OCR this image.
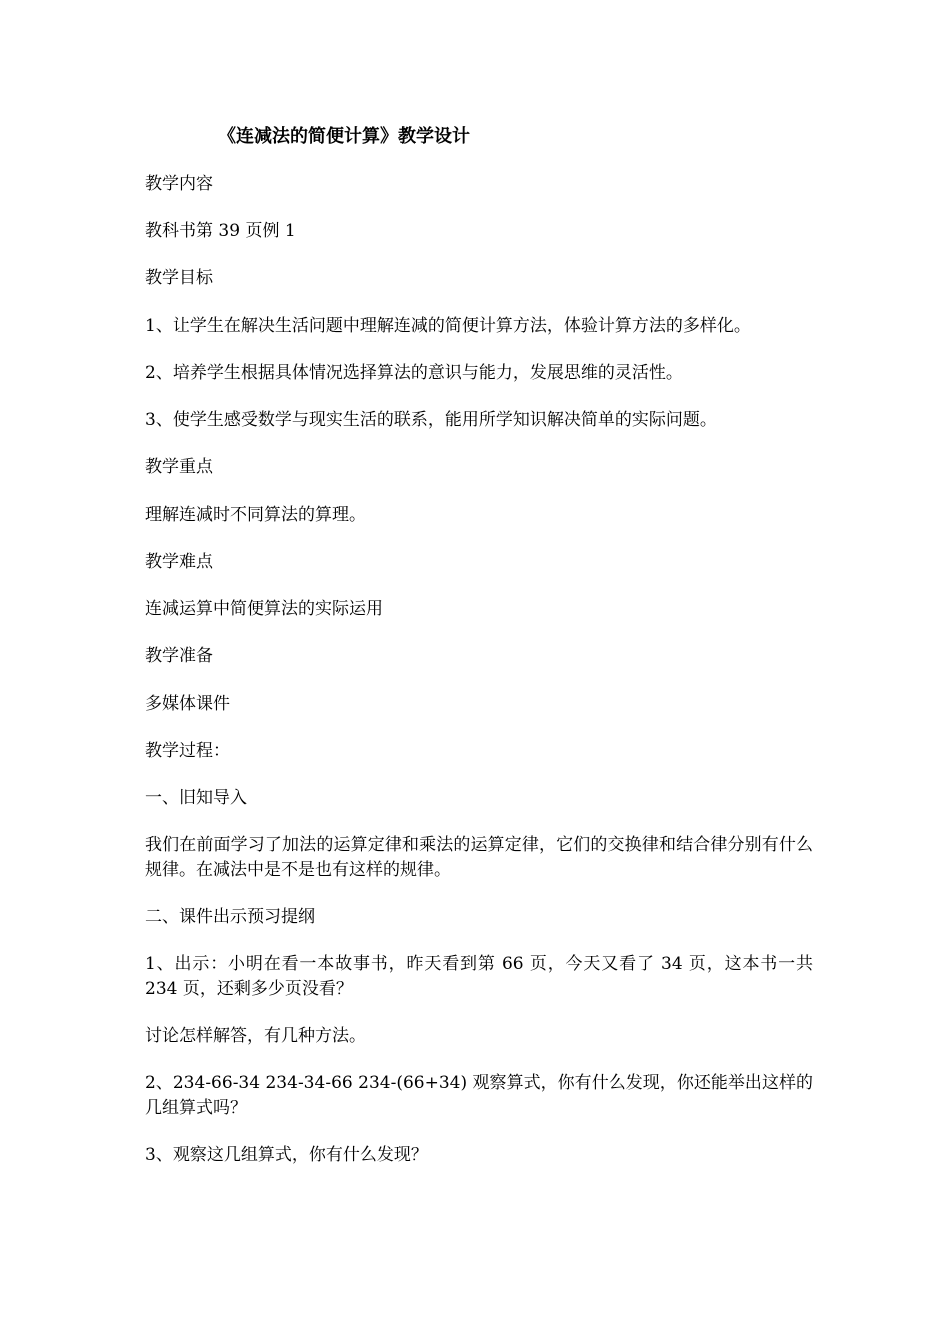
《连减法的简便计算》教学设计
教学内容
教科书第 39 页例 1
教学目标
1、让学生在解决生活问题中理解连减的简便计算方法，体验计算方法的多样化。
2、培养学生根据具体情况选择算法的意识与能力，发展思维的灵活性。
3、使学生感受数学与现实生活的联系，能用所学知识解决简单的实际问题。
教学重点
理解连减时不同算法的算理。
教学难点
连减运算中简便算法的实际运用
教学准备
多媒体课件
教学过程：
一、旧知导入
我们在前面学习了加法的运算定律和乘法的运算定律，它们的交换律和结合律分别有什么规律。在减法中是不是也有这样的规律。
二、课件出示预习提纲
1、出示：小明在看一本故事书，昨天看到第 66 页，今天又看了 34 页，这本书一共 234 页，还剩多少页没看？
讨论怎样解答，有几种方法。
2、234-66-34 234-34-66 234-(66+34) 观察算式，你有什么发现，你还能举出这样的几组算式吗？
3、观察这几组算式，你有什么发现？
